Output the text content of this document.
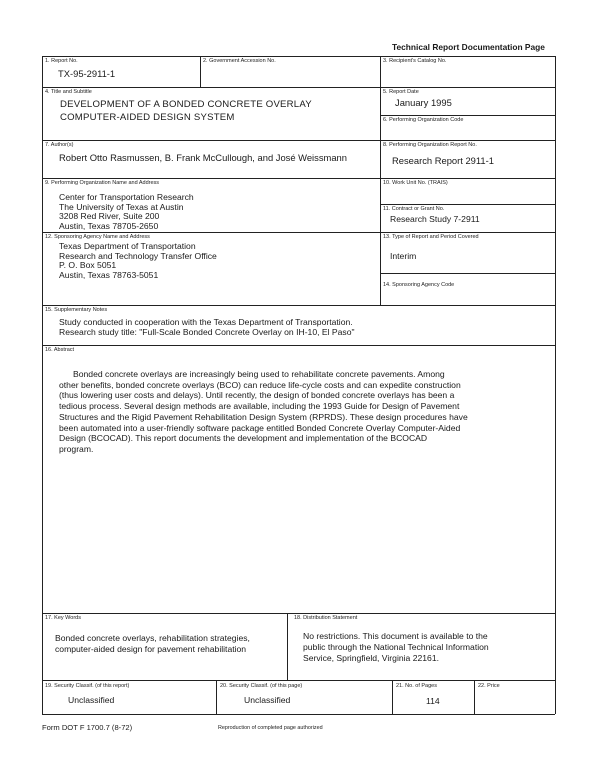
Technical Report Documentation Page
1. Report No.
TX-95-2911-1
2. Government Accession No.	3. Recipient's Catalog No.
4. Title and Subtitle
DEVELOPMENT OF A BONDED CONCRETE OVERLAY
COMPUTER-AIDED DESIGN SYSTEM
5. Report Date
January 1995
6. Performing Organization Code
7. Author(s)
Robert Otto Rasmussen, B. Frank McCullough, and José Weissmann
8. Performing Organization Report No.
Research Report 2911-1
9. Performing Organization Name and Address
Center for Transportation Research
The University of Texas at Austin
3208 Red River, Suite 200
Austin, Texas 78705-2650
10. Work Unit No. (TRAIS)
11. Contract or Grant No.
Research Study 7-2911
12. Sponsoring Agency Name and Address
Texas Department of Transportation
Research and Technology Transfer Office
P. O. Box 5051
Austin, Texas 78763-5051
13. Type of Report and Period Covered
Interim
14. Sponsoring Agency Code
15. Supplementary Notes
Study conducted in cooperation with the Texas Department of Transportation.
Research study title: "Full-Scale Bonded Concrete Overlay on IH-10, El Paso"
16. Abstract
Bonded concrete overlays are increasingly being used to rehabilitate concrete pavements. Among
other benefits, bonded concrete overlays (BCO) can reduce life-cycle costs and can expedite construction
(thus lowering user costs and delays). Until recently, the design of bonded concrete overlays has been a
tedious process. Several design methods are available, including the 1993 Guide for Design of Pavement
Structures and the Rigid Pavement Rehabilitation Design System (RPRDS). These design procedures have
been automated into a user-friendly software package entitled Bonded Concrete Overlay Computer-Aided
Design (BCOCAD). This report documents the development and implementation of the BCOCAD
program.
17. Key Words
Bonded concrete overlays, rehabilitation strategies,
computer-aided design for pavement rehabilitation
18. Distribution Statement
No restrictions. This document is available to the
public through the National Technical Information
Service, Springfield, Virginia 22161.
19. Security Classif. (of this report)
Unclassified
20. Security Classif. (of this page)
Unclassified
21. No. of Pages
114
22. Price
Form DOT F 1700.7 (8-72)	Reproduction of completed page authorized
